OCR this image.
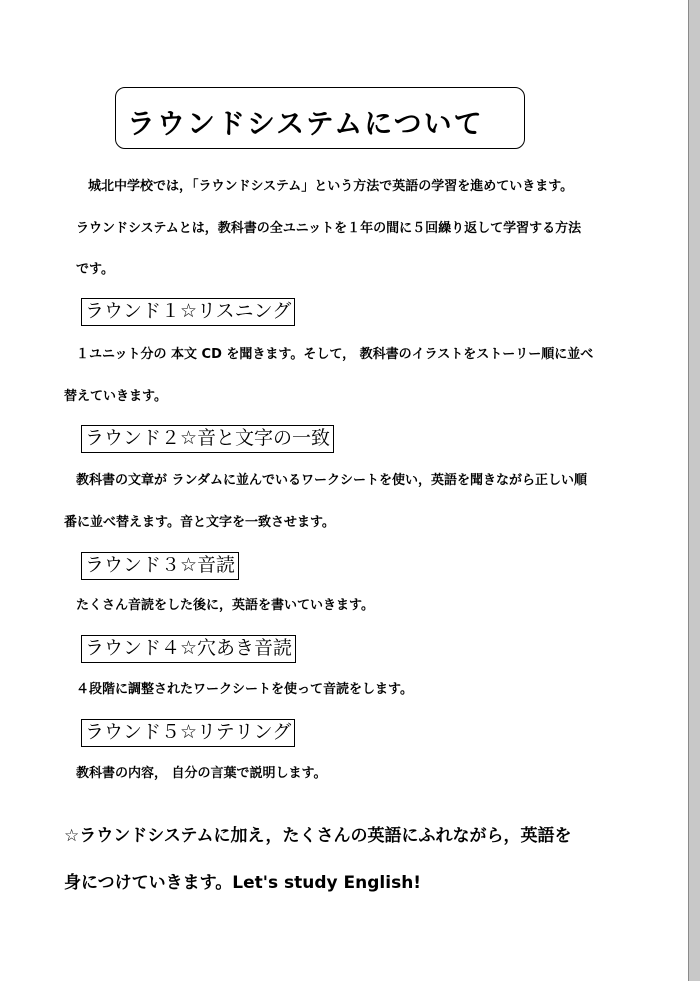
ラウンドシステムについて
城北中学校では，「ラウンドシステム」という方法で英語の学習を進めていきます。
ラウンドシステムとは，教科書の全ユニットを１年の間に５回繰り返して学習する方法
です。
ラウンド１☆リスニング
１ユニット分の 本文 CD を聞きます。そして， 教科書のイラストをストーリー順に並べ
替えていきます。
ラウンド２☆音と文字の一致
教科書の文章が ランダムに並んでいるワークシートを使い，英語を聞きながら正しい順
番に並べ替えます。音と文字を一致させます。
ラウンド３☆音読
たくさん音読をした後に，英語を書いていきます。
ラウンド４☆穴あき音読
４段階に調整されたワークシートを使って音読をします。
ラウンド５☆リテリング
教科書の内容， 自分の言葉で説明します。
☆ラウンドシステムに加え，たくさんの英語にふれながら，英語を
身につけていきます。Let's study English!
